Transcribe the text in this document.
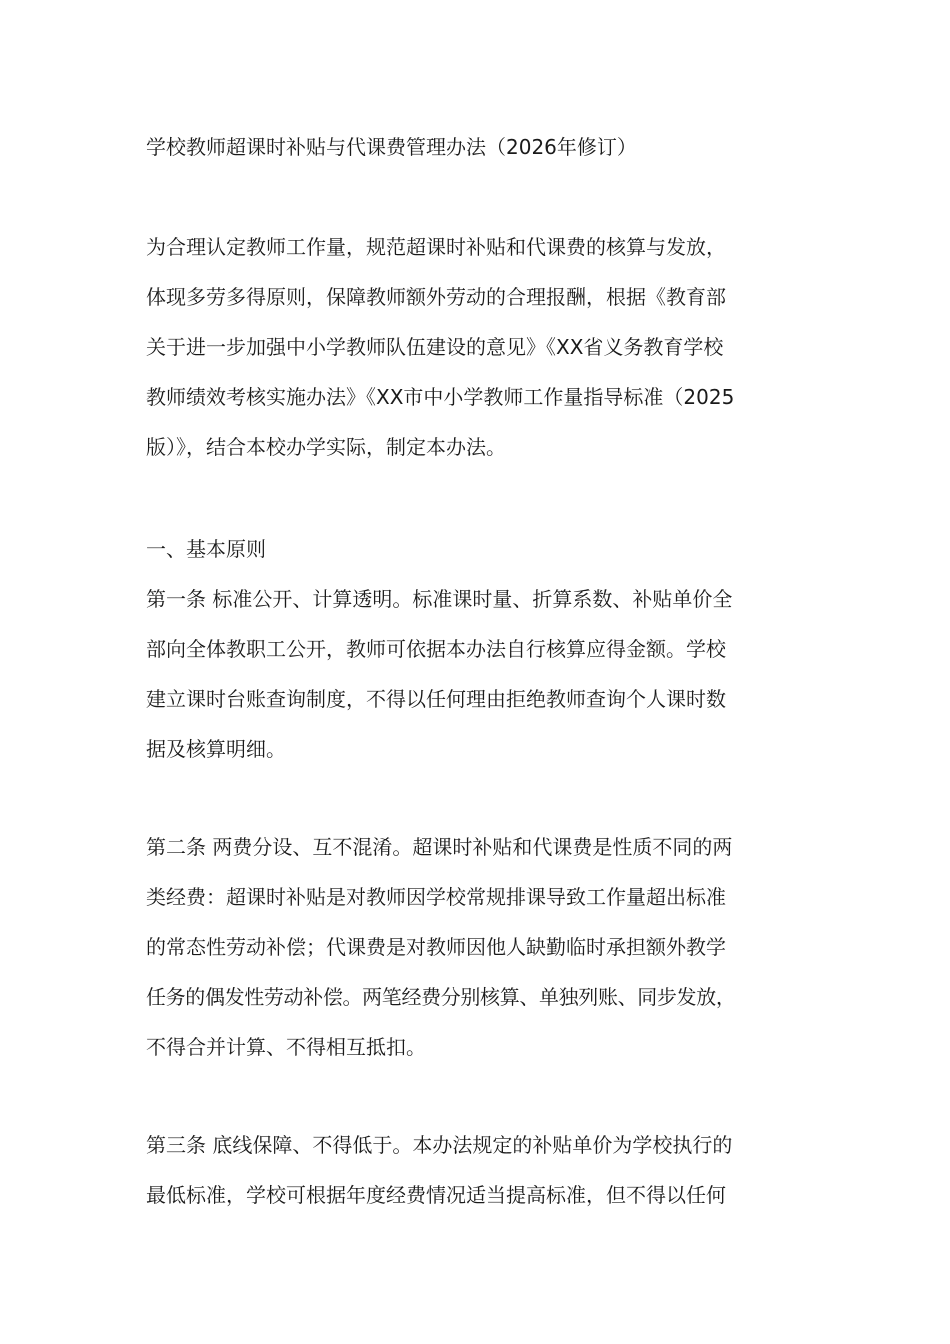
学校教师超课时补贴与代课费管理办法（2026年修订）
为合理认定教师工作量，规范超课时补贴和代课费的核算与发放，
体现多劳多得原则，保障教师额外劳动的合理报酬，根据《教育部
关于进一步加强中小学教师队伍建设的意见》《XX省义务教育学校
教师绩效考核实施办法》《XX市中小学教师工作量指导标准（2025
版）》，结合本校办学实际，制定本办法。
一、基本原则
第一条 标准公开、计算透明。标准课时量、折算系数、补贴单价全
部向全体教职工公开，教师可依据本办法自行核算应得金额。学校
建立课时台账查询制度，不得以任何理由拒绝教师查询个人课时数
据及核算明细。
第二条 两费分设、互不混淆。超课时补贴和代课费是性质不同的两
类经费：超课时补贴是对教师因学校常规排课导致工作量超出标准
的常态性劳动补偿；代课费是对教师因他人缺勤临时承担额外教学
任务的偶发性劳动补偿。两笔经费分别核算、单独列账、同步发放，
不得合并计算、不得相互抵扣。
第三条 底线保障、不得低于。本办法规定的补贴单价为学校执行的
最低标准，学校可根据年度经费情况适当提高标准，但不得以任何
